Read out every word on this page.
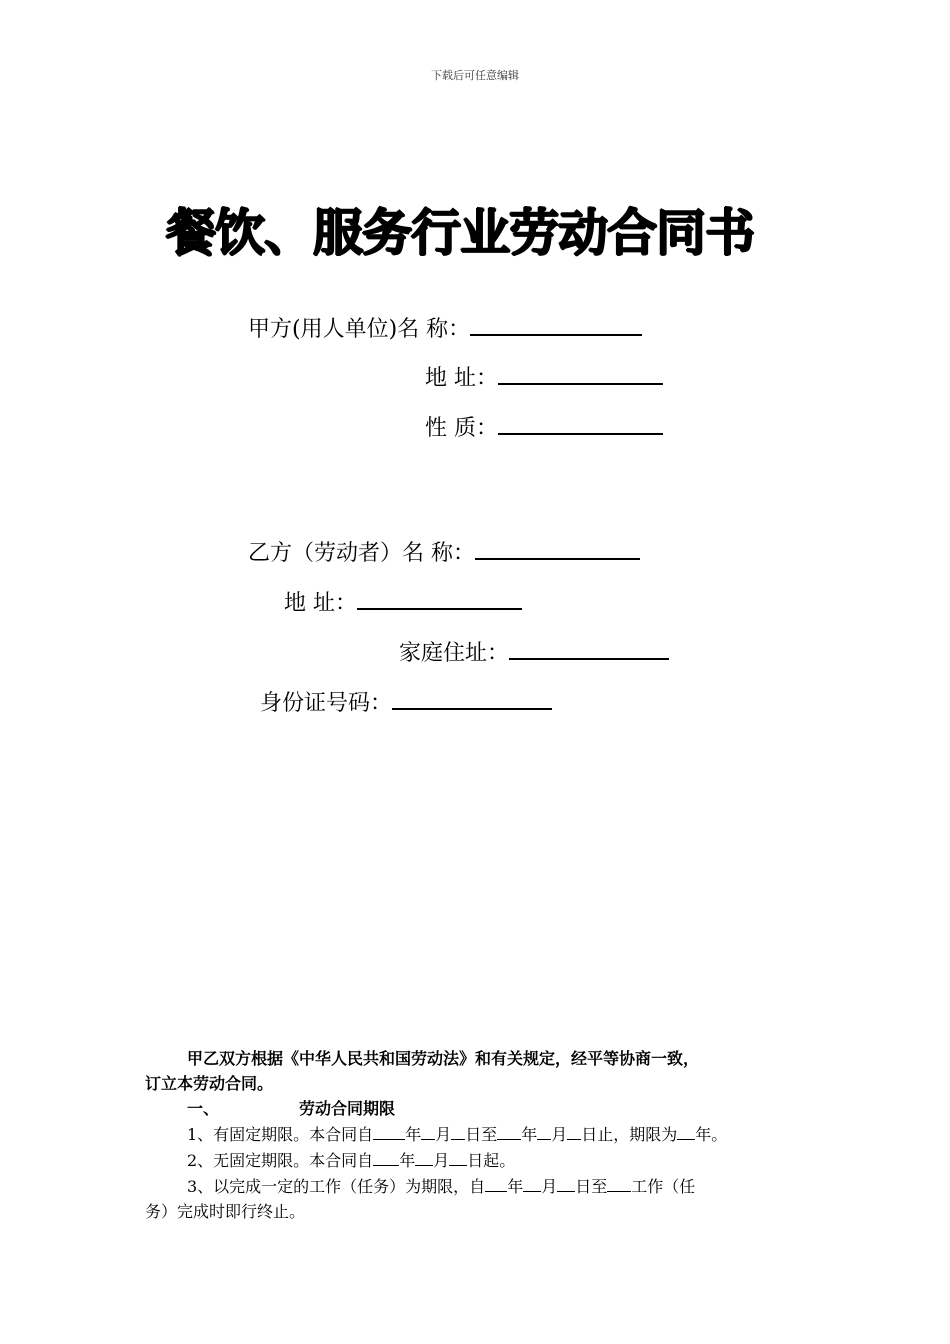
下载后可任意编辑
餐饮、服务行业劳动合同书
甲方(用人单位)名 称：
地 址：
性 质：
乙方（劳动者）名 称：
地 址：
家庭住址：
身份证号码：
甲乙双方根据《中华人民共和国劳动法》和有关规定，经平等协商一致，
订立本劳动合同。
一、	劳动合同期限
1、有固定期限。本合同自 年 月 日至 年 月 日止，期限为 年。
2、无固定期限。本合同自 年 月 日起。
3、以完成一定的工作（任务）为期限，自 年 月 日至 工作（任
务）完成时即行终止。
